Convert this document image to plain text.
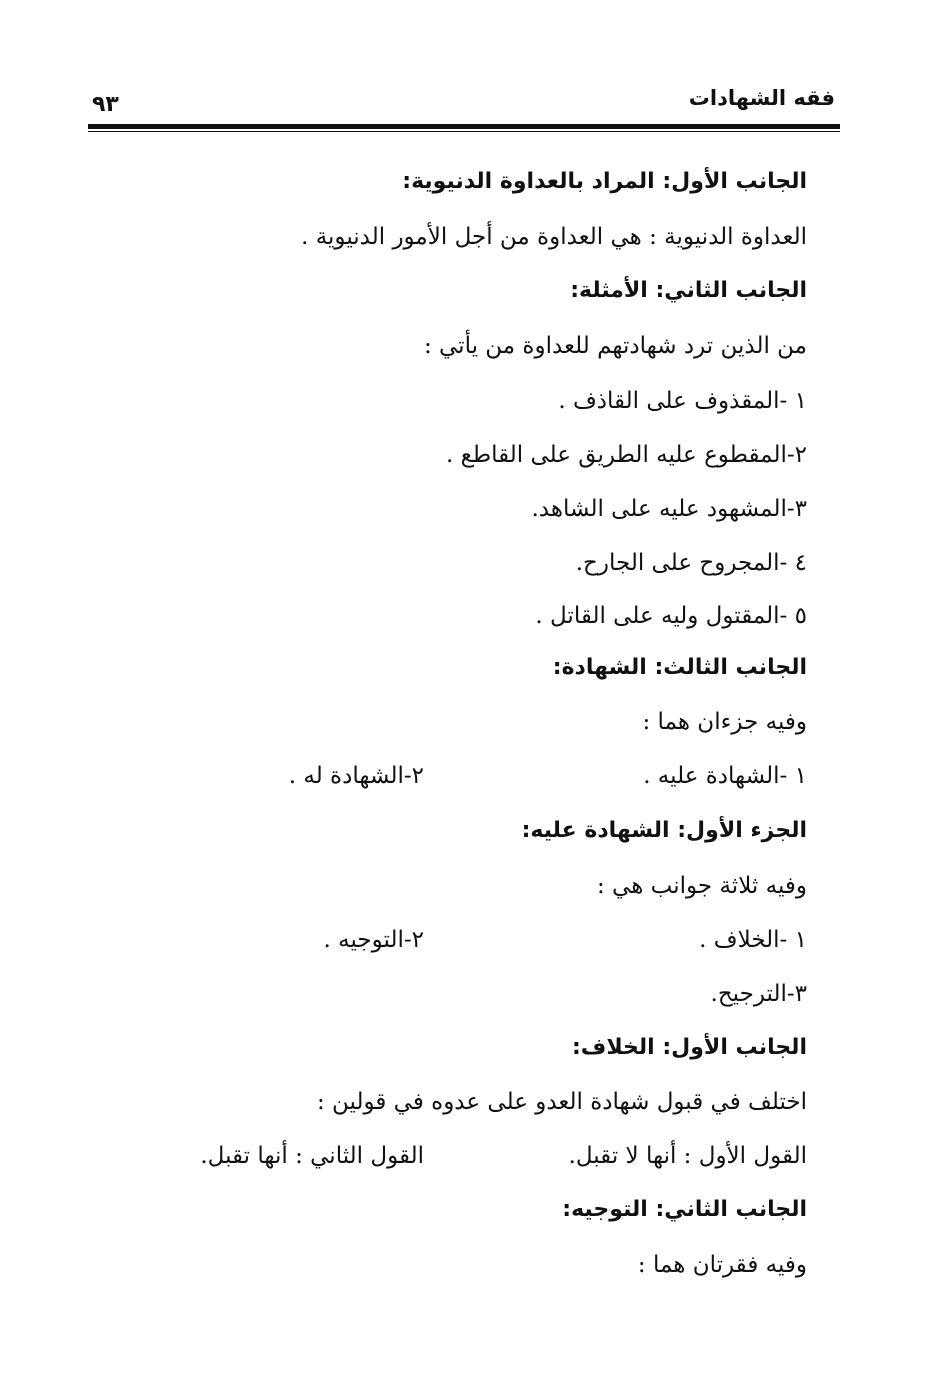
فقه الشهادات
٩٣
الجانب الأول: المراد بالعداوة الدنيوية:
العداوة الدنيوية : هي العداوة من أجل الأمور الدنيوية .
الجانب الثاني: الأمثلة:
من الذين ترد شهادتهم للعداوة من يأتي :
١ -المقذوف على القاذف .
٢-المقطوع عليه الطريق على القاطع .
٣-المشهود عليه على الشاهد.
٤ -المجروح على الجارح.
٥ -المقتول وليه على القاتل .
الجانب الثالث: الشهادة:
وفيه جزءان هما :
١ -الشهادة عليه .
٢-الشهادة له .
الجزء الأول: الشهادة عليه:
وفيه ثلاثة جوانب هي :
١ -الخلاف .
٢-التوجيه .
٣-الترجيح.
الجانب الأول: الخلاف:
اختلف في قبول شهادة العدو على عدوه في قولين :
القول الأول : أنها لا تقبل.
القول الثاني : أنها تقبل.
الجانب الثاني: التوجيه:
وفيه فقرتان هما :
